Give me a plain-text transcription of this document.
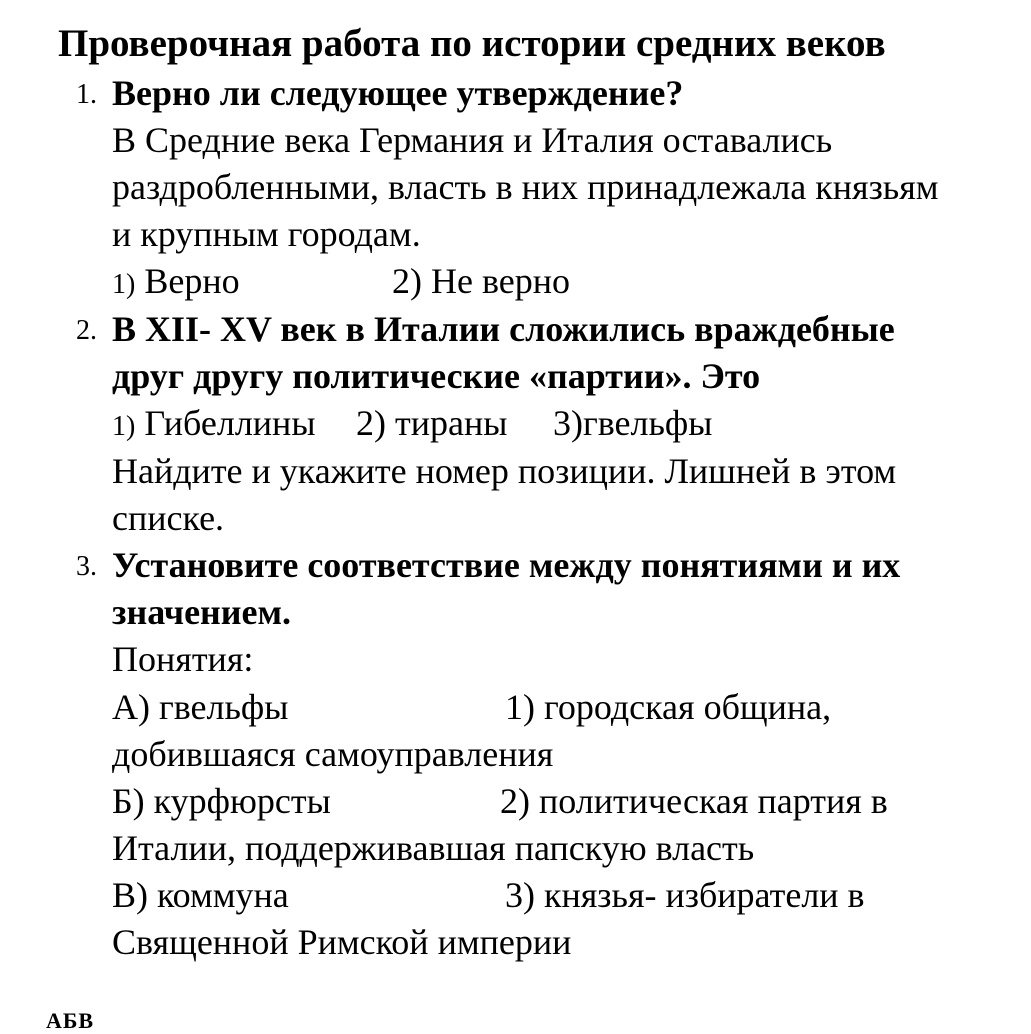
Проверочная работа по истории средних веков
1. Верно ли следующее утверждение?
В Средние века Германия и Италия оставались
раздробленными, власть в них принадлежала князьям
и крупным городам.
1) Верно	2) Не верно
2. В XII- XV век в Италии сложились враждебные
друг другу политические «партии». Это
1) Гибеллины 2) тираны 3)гвельфы
Найдите и укажите номер позиции. Лишней в этом
списке.
3. Установите соответствие между понятиями и их
значением.
Понятия:
А) гвельфы	1) городская община,
добившаяся самоуправления
Б) курфюрсты	2) политическая партия в
Италии, поддерживавшая папскую власть
В) коммуна	3) князья- избиратели в
Священной Римской империи
АБВ
